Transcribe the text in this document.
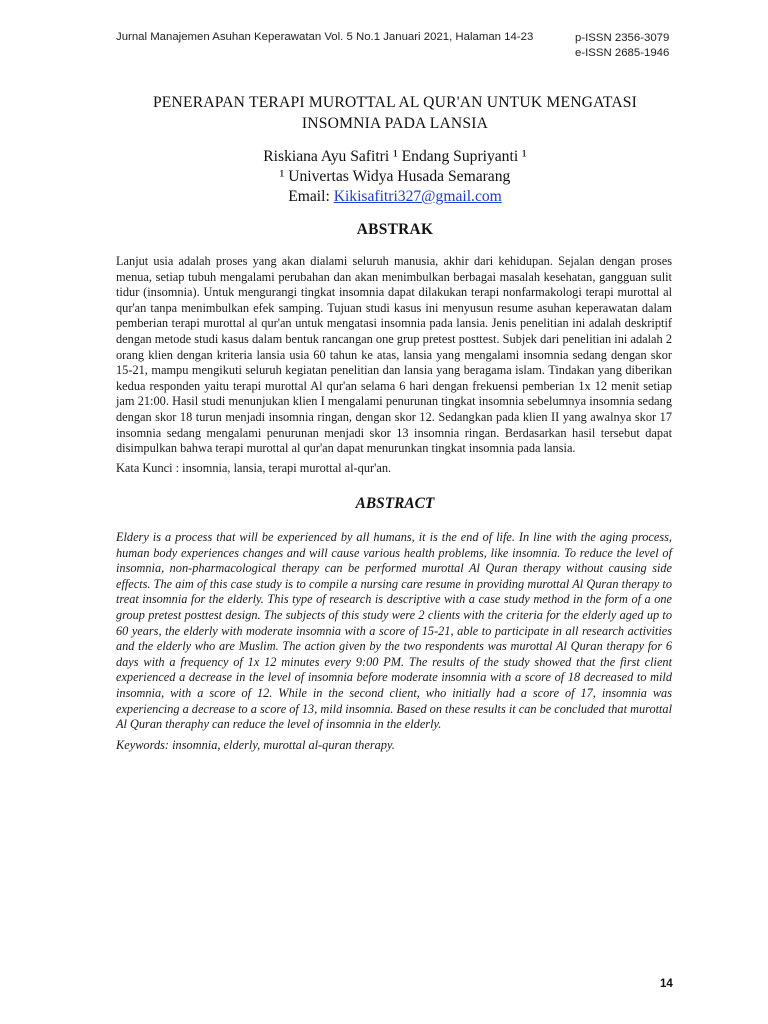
Jurnal Manajemen Asuhan Keperawatan Vol. 5 No.1 Januari 2021, Halaman 14-23	p-ISSN 2356-3079
e-ISSN 2685-1946
PENERAPAN TERAPI MUROTTAL AL QUR'AN UNTUK MENGATASI
INSOMNIA PADA LANSIA
Riskiana Ayu Safitri ¹ Endang Supriyanti ¹
¹ Univertas Widya Husada Semarang
Email: Kikisafitri327@gmail.com
ABSTRAK

Lanjut usia adalah proses yang akan dialami seluruh manusia, akhir dari kehidupan. Sejalan dengan proses menua, setiap tubuh mengalami perubahan dan akan menimbulkan berbagai masalah kesehatan, gangguan sulit tidur (insomnia). Untuk mengurangi tingkat insomnia dapat dilakukan terapi nonfarmakologi terapi murottal al qur'an tanpa menimbulkan efek samping. Tujuan studi kasus ini menyusun resume asuhan keperawatan dalam pemberian terapi murottal al qur'an untuk mengatasi insomnia pada lansia. Jenis penelitian ini adalah deskriptif dengan metode studi kasus dalam bentuk rancangan one grup pretest posttest. Subjek dari penelitian ini adalah 2 orang klien dengan kriteria lansia usia 60 tahun ke atas, lansia yang mengalami insomnia sedang dengan skor 15-21, mampu mengikuti seluruh kegiatan penelitian dan lansia yang beragama islam. Tindakan yang diberikan kedua responden yaitu terapi murottal Al qur'an selama 6 hari dengan frekuensi pemberian 1x 12 menit setiap jam 21:00. Hasil studi menunjukan klien I mengalami penurunan tingkat insomnia sebelumnya insomnia sedang dengan skor 18 turun menjadi insomnia ringan, dengan skor 12. Sedangkan pada klien II yang awalnya skor 17 insomnia sedang mengalami penurunan menjadi skor 13 insomnia ringan. Berdasarkan hasil tersebut dapat disimpulkan bahwa terapi murottal al qur'an dapat menurunkan tingkat insomnia pada lansia.

Kata Kunci : insomnia, lansia, terapi murottal al-qur'an.

ABSTRACT

Eldery is a process that will be experienced by all humans, it is the end of life. In line with the aging process, human body experiences changes and will cause various health problems, like insomnia. To reduce the level of insomnia, non-pharmacological therapy can be performed murottal Al Quran therapy without causing side effects. The aim of this case study is to compile a nursing care resume in providing murottal Al Quran therapy to treat insomnia for the elderly. This type of research is descriptive with a case study method in the form of a one group pretest posttest design. The subjects of this study were 2 clients with the criteria for the elderly aged up to 60 years, the elderly with moderate insomnia with a score of 15-21, able to participate in all research activities and the elderly who are Muslim. The action given by the two respondents was murottal Al Quran therapy for 6 days with a frequency of 1x 12 minutes every 9:00 PM. The results of the study showed that the first client experienced a decrease in the level of insomnia before moderate insomnia with a score of 18 decreased to mild insomnia, with a score of 12. While in the second client, who initially had a score of 17, insomnia was experiencing a decrease to a score of 13, mild insomnia. Based on these results it can be concluded that murottal Al Quran theraphy can reduce the level of insomnia in the elderly.

Keywords: insomnia, elderly, murottal al-quran therapy.

14
